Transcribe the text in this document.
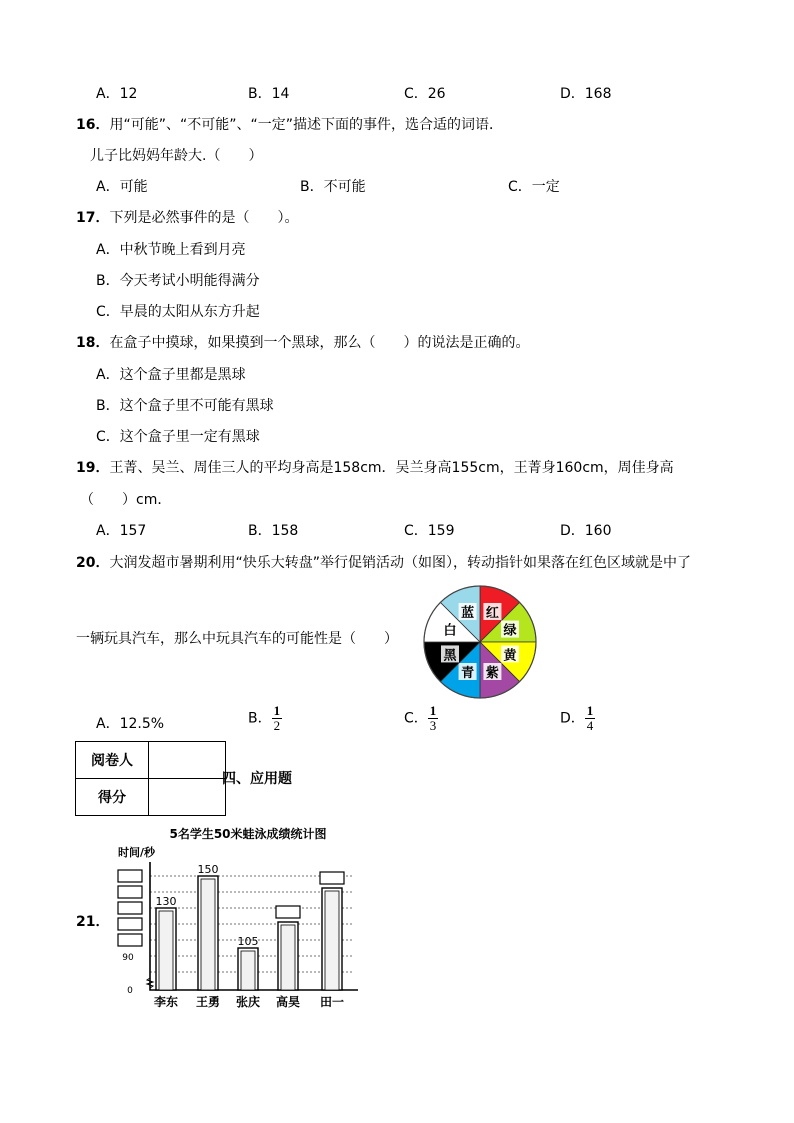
A．12	B．14	C．26	D．168
16．用“可能”、“不可能”、“一定”描述下面的事件，选合适的词语．
儿子比妈妈年龄大.（　　）
A．可能	B．不可能	C．一定
17．下列是必然事件的是（　　）。
A．中秋节晚上看到月亮
B．今天考试小明能得满分
C．早晨的太阳从东方升起
18．在盒子中摸球，如果摸到一个黑球，那么（　　）的说法是正确的。
A．这个盒子里都是黑球
B．这个盒子里不可能有黑球
C．这个盒子里一定有黑球
19．王菁、吴兰、周佳三人的平均身高是158cm．吴兰身高155cm，王菁身160cm，周佳身高
（　　）cm．
A．157	B．158	C．159	D．160
20．大润发超市暑期利用“快乐大转盘”举行促销活动（如图），转动指针如果落在红色区域就是中了
一辆玩具汽车，那么中玩具汽车的可能性是（　　）
红
绿
黄
紫
青
黑
白
蓝
A．12.5%	B． $\frac{1}{2}$	C． $\frac{1}{3}$	D． $\frac{1}{4}$
阅卷人	
得分	
四、应用题
21．
5名学生50米蛙泳成绩统计图
时间/秒
130
150
105
90
0
李东 王勇 张庆 高昊 田一
